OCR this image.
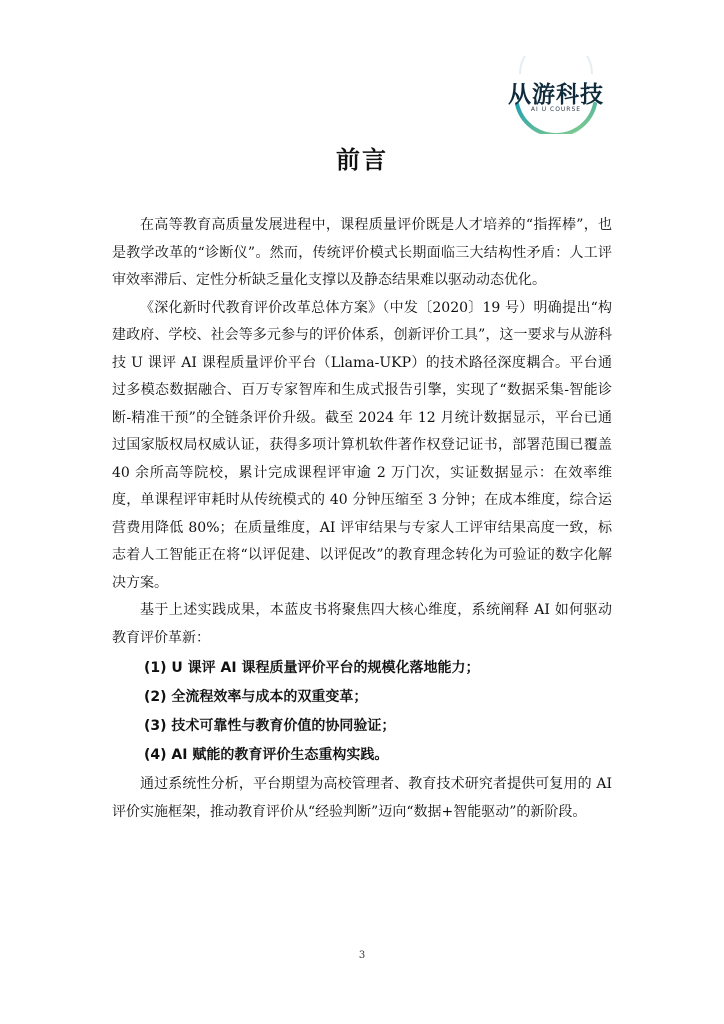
从游科技
AI U COURSE
前言

在高等教育高质量发展进程中，课程质量评价既是人才培养的“指挥棒”，也是教学改革的“诊断仪”。然而，传统评价模式长期面临三大结构性矛盾：人工评审效率滞后、定性分析缺乏量化支撑以及静态结果难以驱动动态优化。

《深化新时代教育评价改革总体方案》（中发〔2020〕19 号）明确提出“构建政府、学校、社会等多元参与的评价体系，创新评价工具”，这一要求与从游科技 U 课评 AI 课程质量评价平台（Llama-UKP）的技术路径深度耦合。平台通过多模态数据融合、百万专家智库和生成式报告引擎，实现了“数据采集-智能诊断-精准干预”的全链条评价升级。截至 2024 年 12 月统计数据显示，平台已通过国家版权局权威认证，获得多项计算机软件著作权登记证书，部署范围已覆盖 40 余所高等院校，累计完成课程评审逾 2 万门次，实证数据显示：在效率维度，单课程评审耗时从传统模式的 40 分钟压缩至 3 分钟；在成本维度，综合运营费用降低 80%；在质量维度，AI 评审结果与专家人工评审结果高度一致，标志着人工智能正在将“以评促建、以评促改”的教育理念转化为可验证的数字化解决方案。

基于上述实践成果，本蓝皮书将聚焦四大核心维度，系统阐释 AI 如何驱动教育评价革新：

(1) U 课评 AI 课程质量评价平台的规模化落地能力；
(2) 全流程效率与成本的双重变革；
(3) 技术可靠性与教育价值的协同验证；
(4) AI 赋能的教育评价生态重构实践。

通过系统性分析，平台期望为高校管理者、教育技术研究者提供可复用的 AI 评价实施框架，推动教育评价从“经验判断”迈向“数据+智能驱动”的新阶段。

3
